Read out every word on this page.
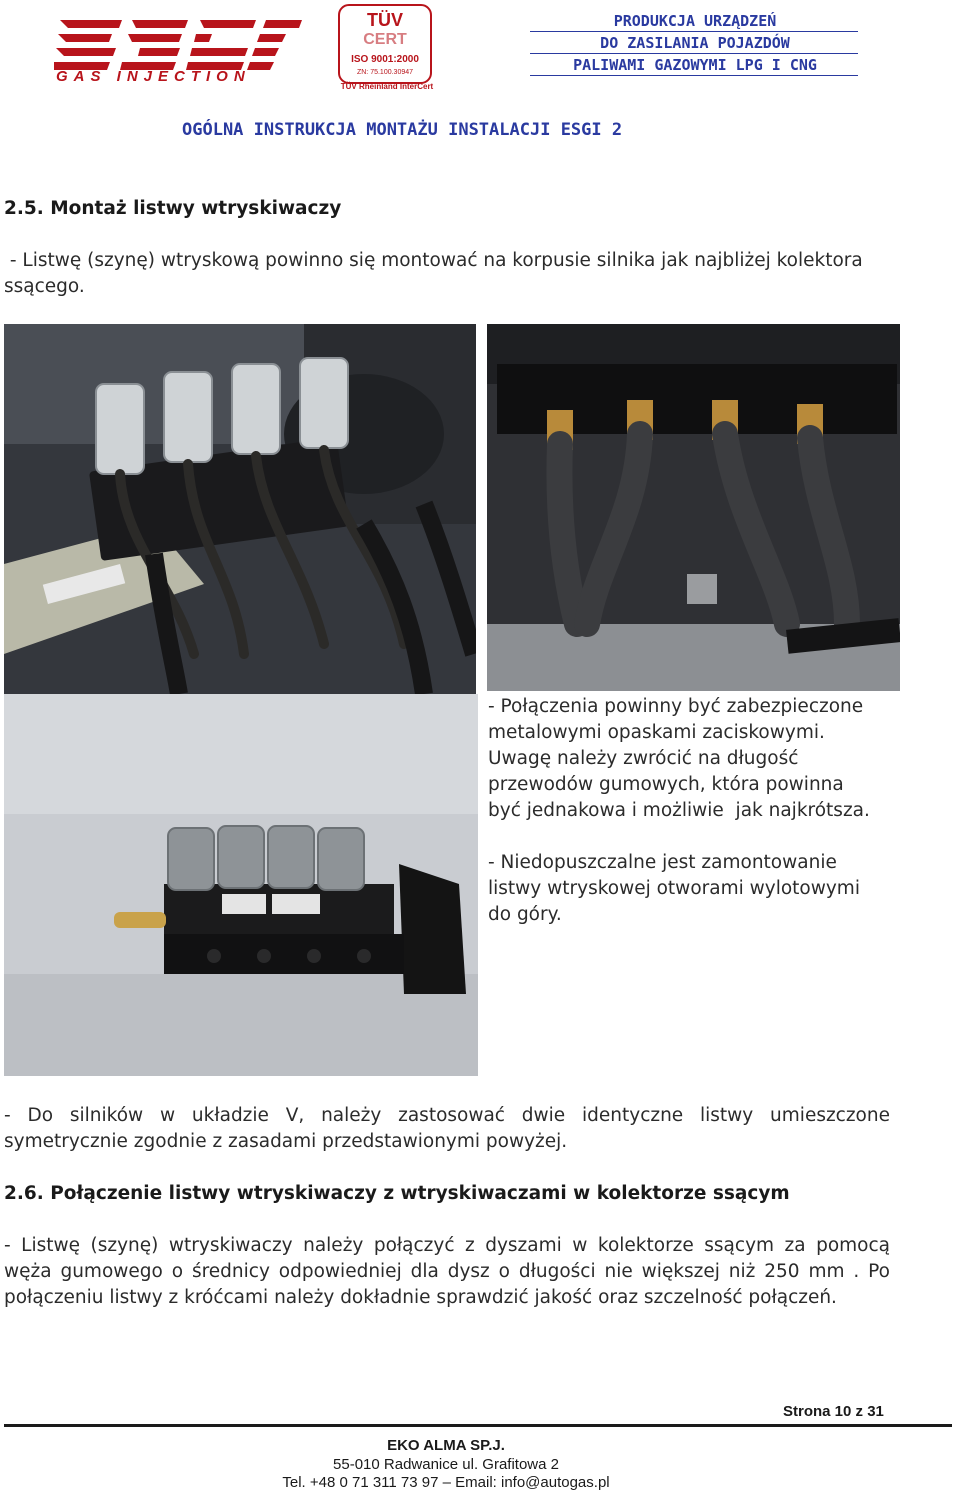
GAS INJECTION
TÜV
CERT
ISO 9001:2000
ZN: 75.100.30947
TÜV Rheinland InterCert
PRODUKCJA URZĄDZEŃ
DO ZASILANIA POJAZDÓW
PALIWAMI GAZOWYMI LPG I CNG
OGÓLNA INSTRUKCJA MONTAŻU INSTALACJI ESGI 2
2.5. Montaż listwy wtryskiwaczy
- Listwę (szynę) wtryskową powinno się montować na korpusie silnika jak najbliżej kolektora
ssącego.
- Połączenia powinny być zabezpieczone
metalowymi opaskami zaciskowymi.
Uwagę należy zwrócić na długość
przewodów gumowych, która powinna
być jednakowa i możliwie  jak najkrótsza.
- Niedopuszczalne jest zamontowanie
listwy wtryskowej otworami wylotowymi
do góry.
- Do silników w układzie V, należy zastosować dwie identyczne listwy umieszczone
symetrycznie zgodnie z zasadami przedstawionymi powyżej.
2.6. Połączenie listwy wtryskiwaczy z wtryskiwaczami w kolektorze ssącym
- Listwę (szynę) wtryskiwaczy należy połączyć z dyszami w kolektorze ssącym za pomocą
węża gumowego o średnicy odpowiedniej dla dysz o długości nie większej niż 250 mm . Po
połączeniu listwy z króćcami należy dokładnie sprawdzić jakość oraz szczelność połączeń.
Strona 10 z 31
EKO ALMA SP.J.
55-010 Radwanice ul. Grafitowa 2
Tel. +48 0 71 311 73 97 – Email: info@autogas.pl
